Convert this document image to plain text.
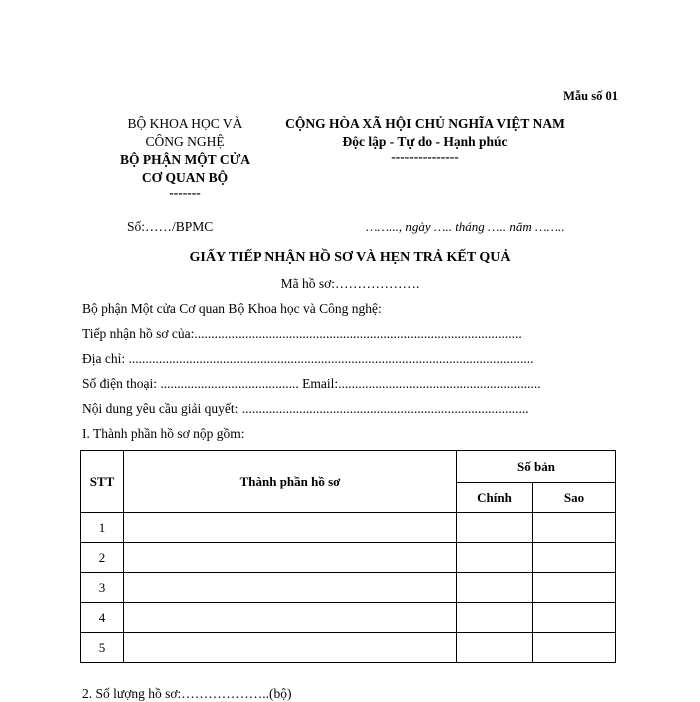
Mẫu số 01
BỘ KHOA HỌC VÀ
CÔNG NGHỆ
BỘ PHẬN MỘT CỬA
CƠ QUAN BỘ
-------
CỘNG HÒA XÃ HỘI CHỦ NGHĨA VIỆT NAM
Độc lập - Tự do - Hạnh phúc
---------------
Số:……/BPMC	……..., ngày ….. tháng ….. năm ……..
GIẤY TIẾP NHẬN HỒ SƠ VÀ HẸN TRẢ KẾT QUẢ
Mã hồ sơ:……………….
Bộ phận Một cửa Cơ quan Bộ Khoa học và Công nghệ:
Tiếp nhận hồ sơ của:.................................................................................................
Địa chỉ: ........................................................................................................................
Số điện thoại: ......................................... Email:............................................................
Nội dung yêu cầu giải quyết: .....................................................................................
I. Thành phần hồ sơ nộp gồm:
STT	Thành phần hồ sơ	Số bản	
		Chính	Sao
1			
2			
3			
4			
5			
2. Số lượng hồ sơ:………………..(bộ)
